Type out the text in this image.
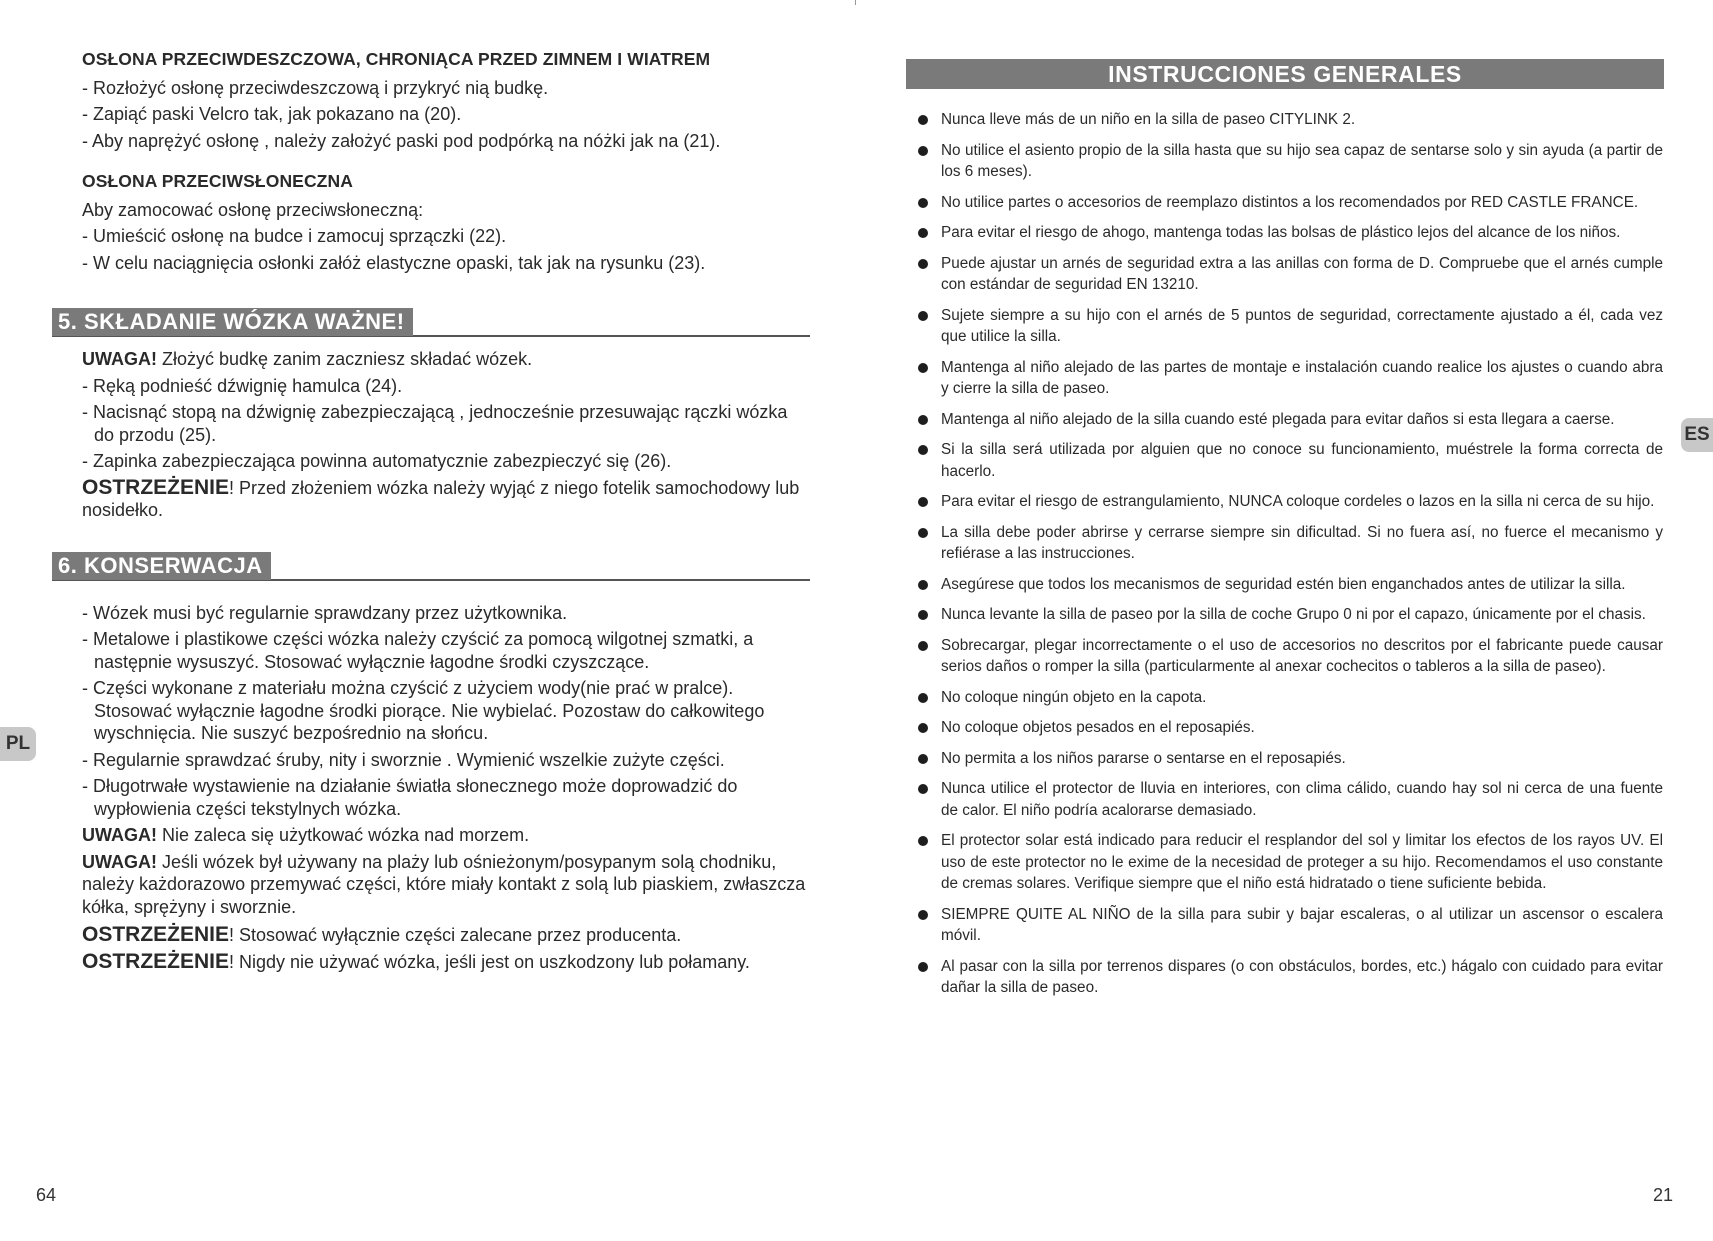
OSŁONA PRZECIWDESZCZOWA, CHRONIĄCA PRZED ZIMNEM I WIATREM

- Rozłożyć osłonę przeciwdeszczową i przykryć nią budkę.

- Zapiąć paski Velcro tak, jak pokazano na (20).

- Aby naprężyć osłonę , należy założyć paski pod podpórką na nóżki jak na (21).

OSŁONA PRZECIWSŁONECZNA

Aby zamocować osłonę przeciwsłoneczną:

- Umieścić osłonę na budce i zamocuj sprzączki (22).

- W celu naciągnięcia osłonki załóż elastyczne opaski, tak jak na rysunku (23).

5. SKŁADANIE WÓZKA WAŻNE!

UWAGA! Złożyć budkę zanim zaczniesz składać wózek.

- Ręką podnieść dźwignię hamulca (24).

- Nacisnąć stopą na dźwignię zabezpieczającą , jednocześnie przesuwając rączki wózka do przodu (25).

- Zapinka zabezpieczająca powinna automatycznie zabezpieczyć się (26).

OSTRZEŻENIE! Przed złożeniem wózka należy wyjąć z niego fotelik samochodowy lub nosidełko.

6. KONSERWACJA

- Wózek musi być regularnie sprawdzany przez użytkownika.

- Metalowe i plastikowe części wózka należy czyścić za pomocą wilgotnej szmatki, a następnie wysuszyć. Stosować wyłącznie łagodne środki czyszczące.

- Części wykonane z materiału można czyścić z użyciem wody(nie prać w pralce). Stosować wyłącznie łagodne środki piorące. Nie wybielać. Pozostaw do całkowitego wyschnięcia. Nie suszyć bezpośrednio na słońcu.

- Regularnie sprawdzać śruby, nity i sworznie . Wymienić wszelkie zużyte części.

- Długotrwałe wystawienie na działanie światła słonecznego może doprowadzić do wypłowienia części tekstylnych wózka.

UWAGA! Nie zaleca się użytkować wózka nad morzem.

UWAGA! Jeśli wózek był używany na plaży lub ośnieżonym/posypanym solą chodniku, należy każdorazowo przemywać części, które miały kontakt z solą lub piaskiem, zwłaszcza kółka, sprężyny i sworznie.

OSTRZEŻENIE! Stosować wyłącznie części zalecane przez producenta.

OSTRZEŻENIE! Nigdy nie używać wózka, jeśli jest on uszkodzony lub połamany.

PL
64
INSTRUCCIONES GENERALES
Nunca lleve más de un niño en la silla de paseo CITYLINK 2.
No utilice el asiento propio de la silla hasta que su hijo sea capaz de sentarse solo y sin ayuda (a partir de los 6 meses).
No utilice partes o accesorios de reemplazo distintos a los recomendados por RED CASTLE FRANCE.
Para evitar el riesgo de ahogo, mantenga todas las bolsas de plástico lejos del alcance de los niños.
Puede ajustar un arnés de seguridad extra a las anillas con forma de D. Compruebe que el arnés cumple con estándar de seguridad EN 13210.
Sujete siempre a su hijo con el arnés de 5 puntos de seguridad, correctamente ajustado a él, cada vez que utilice la silla.
Mantenga al niño alejado de las partes de montaje e instalación cuando realice los ajustes o cuando abra y cierre la silla de paseo.
Mantenga al niño alejado de la silla cuando esté plegada para evitar daños si esta llegara a caerse.
Si la silla será utilizada por alguien que no conoce su funcionamiento, muéstrele la forma correcta de hacerlo.
Para evitar el riesgo de estrangulamiento, NUNCA coloque cordeles o lazos en la silla ni cerca de su hijo.
La silla debe poder abrirse y cerrarse siempre sin dificultad. Si no fuera así, no fuerce el mecanismo y refiérase a las instrucciones.
Asegúrese que todos los mecanismos de seguridad estén bien enganchados antes de utilizar la silla.
Nunca levante la silla de paseo por la silla de coche Grupo 0 ni por el capazo, únicamente por el chasis.
Sobrecargar, plegar incorrectamente o el uso de accesorios no descritos por el fabricante puede causar serios daños o romper la silla (particularmente al anexar cochecitos o tableros a la silla de paseo).
No coloque ningún objeto en la capota.
No coloque objetos pesados en el reposapiés.
No permita a los niños pararse o sentarse en el reposapiés.
Nunca utilice el protector de lluvia en interiores, con clima cálido, cuando hay sol ni cerca de una fuente de calor. El niño podría acalorarse demasiado.
El protector solar está indicado para reducir el resplandor del sol y limitar los efectos de los rayos UV. El uso de este protector no le exime de la necesidad de proteger a su hijo. Recomendamos el uso constante de cremas solares. Verifique siempre que el niño está hidratado o tiene suficiente bebida.
SIEMPRE QUITE AL NIÑO de la silla para subir y bajar escaleras, o al utilizar un ascensor o escalera móvil.
Al pasar con la silla por terrenos dispares (o con obstáculos, bordes, etc.) hágalo con cuidado para evitar dañar la silla de paseo.
ES
21
